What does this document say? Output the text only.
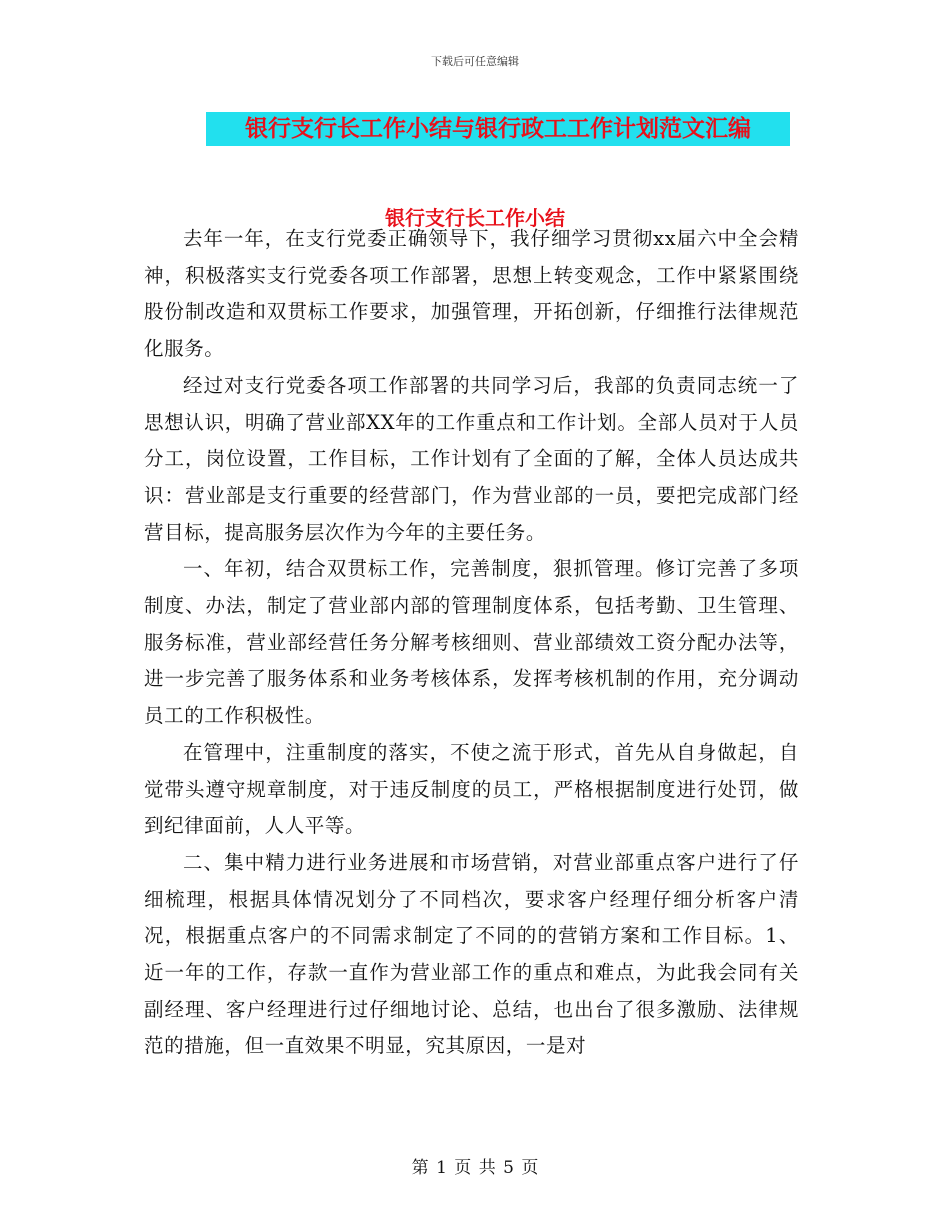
下载后可任意编辑
银行支行长工作小结与银行政工工作计划范文汇编
银行支行长工作小结

去年一年，在支行党委正确领导下，我仔细学习贯彻xx届六中全会精神，积极落实支行党委各项工作部署，思想上转变观念，工作中紧紧围绕股份制改造和双贯标工作要求，加强管理，开拓创新，仔细推行法律规范化服务。

经过对支行党委各项工作部署的共同学习后，我部的负责同志统一了思想认识，明确了营业部XX年的工作重点和工作计划。全部人员对于人员分工，岗位设置，工作目标，工作计划有了全面的了解，全体人员达成共识：营业部是支行重要的经营部门，作为营业部的一员，要把完成部门经营目标，提高服务层次作为今年的主要任务。

一、年初，结合双贯标工作，完善制度，狠抓管理。修订完善了多项制度、办法，制定了营业部内部的管理制度体系，包括考勤、卫生管理、服务标准，营业部经营任务分解考核细则、营业部绩效工资分配办法等，进一步完善了服务体系和业务考核体系，发挥考核机制的作用，充分调动员工的工作积极性。

在管理中，注重制度的落实，不使之流于形式，首先从自身做起，自觉带头遵守规章制度，对于违反制度的员工，严格根据制度进行处罚，做到纪律面前，人人平等。

二、集中精力进行业务进展和市场营销，对营业部重点客户进行了仔细梳理，根据具体情况划分了不同档次，要求客户经理仔细分析客户清况，根据重点客户的不同需求制定了不同的的营销方案和工作目标。1、近一年的工作，存款一直作为营业部工作的重点和难点，为此我会同有关副经理、客户经理进行过仔细地讨论、总结，也出台了很多激励、法律规范的措施，但一直效果不明显，究其原因，一是对

第 1 页 共 5 页
